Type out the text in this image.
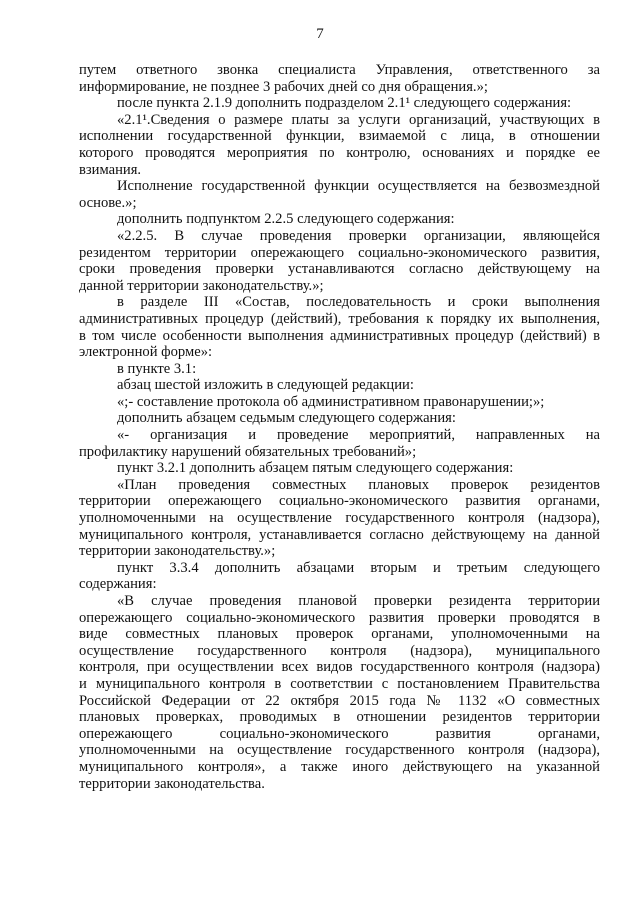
7
путем ответного звонка специалиста Управления, ответственного за
информирование, не позднее 3 рабочих дней со дня обращения.»;
после пункта 2.1.9 дополнить подразделом 2.1¹ следующего содержания:
«2.1¹.Сведения о размере платы за услуги организаций, участвующих в
исполнении государственной функции, взимаемой с лица, в отношении
которого проводятся мероприятия по контролю, основаниях и порядке ее
взимания.
Исполнение государственной функции осуществляется на безвозмездной
основе.»;
дополнить подпунктом 2.2.5 следующего содержания:
«2.2.5. В случае проведения проверки организации, являющейся
резидентом территории опережающего социально-экономического развития,
сроки проведения проверки устанавливаются согласно действующему на
данной территории законодательству.»;
в разделе III «Состав, последовательность и сроки выполнения
административных процедур (действий), требования к порядку их выполнения,
в том числе особенности выполнения административных процедур (действий) в
электронной форме»:
в пункте 3.1:
абзац шестой изложить в следующей редакции:
«;- составление протокола об административном правонарушении;»;
дополнить абзацем седьмым следующего содержания:
«- организация и проведение мероприятий, направленных на
профилактику нарушений обязательных требований»;
пункт 3.2.1 дополнить абзацем пятым следующего содержания:
«План проведения совместных плановых проверок резидентов
территории опережающего социально-экономического развития органами,
уполномоченными на осуществление государственного контроля (надзора),
муниципального контроля, устанавливается согласно действующему на данной
территории законодательству.»;
пункт 3.3.4 дополнить абзацами вторым и третьим следующего
содержания:
«В случае проведения плановой проверки резидента территории
опережающего социально-экономического развития проверки проводятся в
виде совместных плановых проверок органами, уполномоченными на
осуществление государственного контроля (надзора), муниципального
контроля, при осуществлении всех видов государственного контроля (надзора)
и муниципального контроля в соответствии с постановлением Правительства
Российской Федерации от 22 октября 2015 года № 1132 «О совместных
плановых проверках, проводимых в отношении резидентов территории
опережающего социально-экономического развития органами,
уполномоченными на осуществление государственного контроля (надзора),
муниципального контроля», а также иного действующего на указанной
территории законодательства.
